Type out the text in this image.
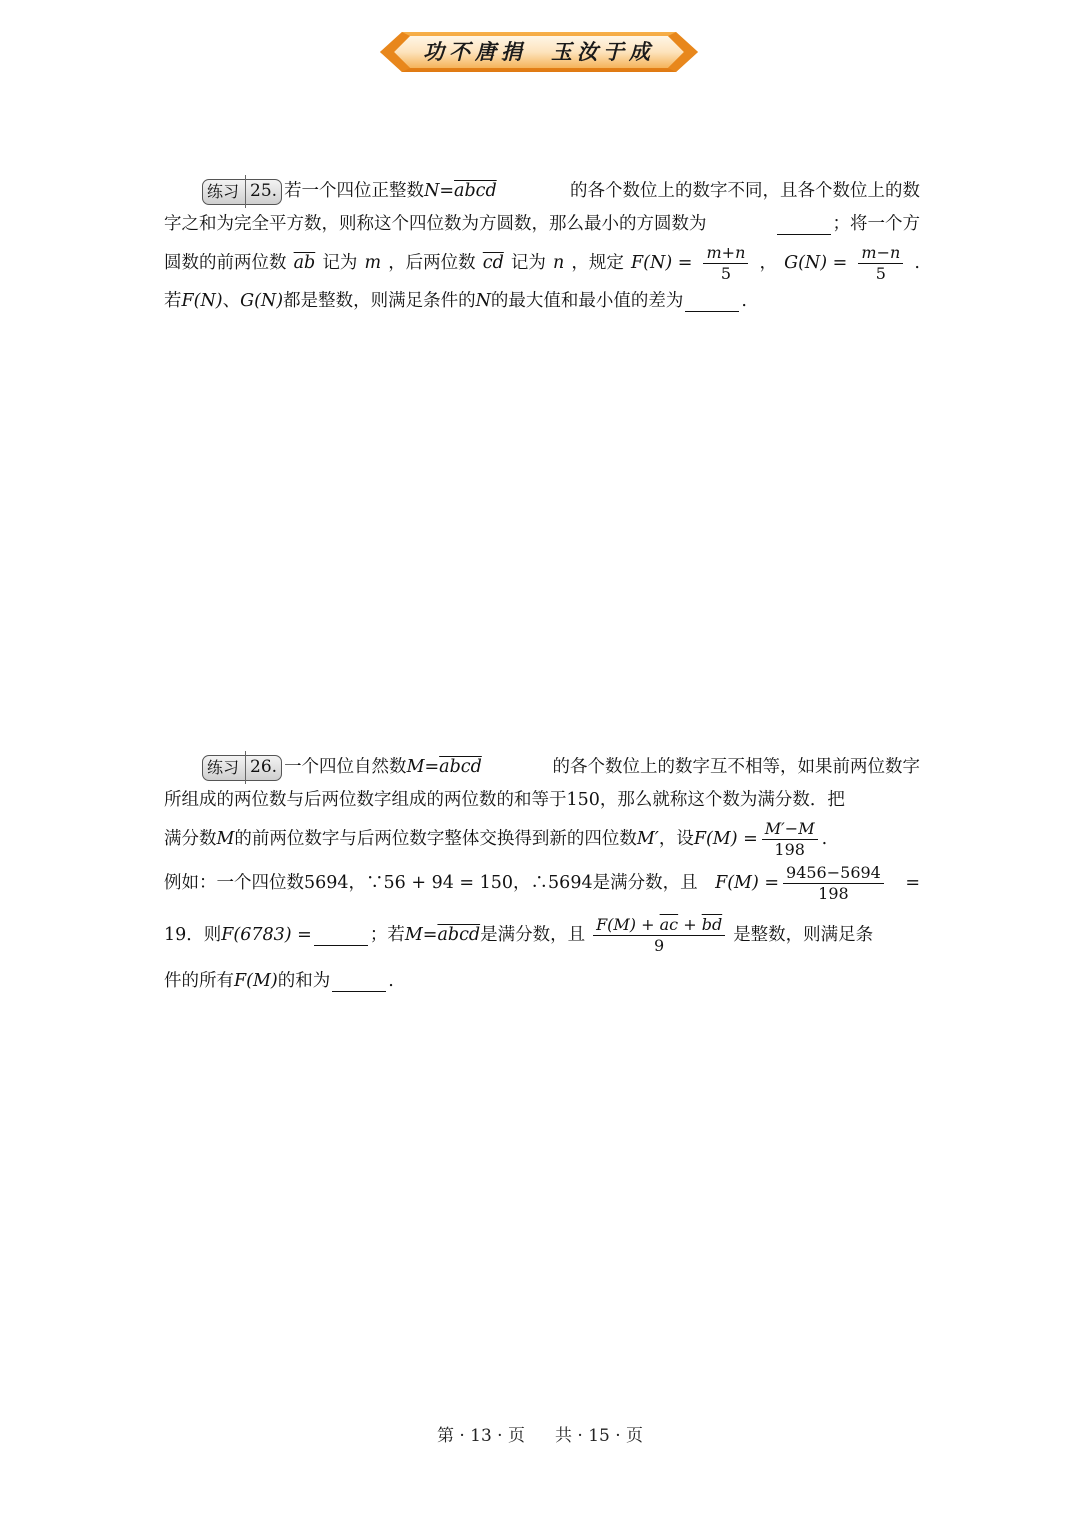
功不唐捐 玉汝于成
练习 25. 若一个四位正整数 N = abcd	的各个数位上的数字不同，且各个数位上的数
字之和为完全平方数，则称这个四位数为方圆数，那么最小的方圆数为	；将一个方
圆数的前两位数 $\overline{ab}$ 记为 m ，后两位数 $\overline{cd}$ 记为 n ，规定 $F(N) = \frac{m+n}{5}$ ， $G(N) = \frac{m-n}{5}$ .
若 F(N) 、 G(N) 都是整数，则满足条件的 N 的最大值和最小值的差为	.
练习 26. 一个四位自然数 M = abcd	的各个数位上的数字互不相等，如果前两位数字
所组成的两位数与后两位数字组成的两位数的和等于150，那么就称这个数为满分数．把
满分数 M 的前两位数字与后两位数字整体交换得到新的四位数 M′ ，设 $F(M) = \frac{M'-M}{198}$ .
例如：一个四位数5694，∵56 + 94 = 150，∴5694是满分数，且 $F(M) = \frac{9456-5694}{198}$ =
19．则 F(6783) =	；若 M = abcd 是满分数，且 $\frac{F(M) + \overline{ac} + \overline{bd}}{9}$ 是整数，则满足条
件的所有 F(M) 的和为	.
第 · 13 · 页 共 · 15 · 页
